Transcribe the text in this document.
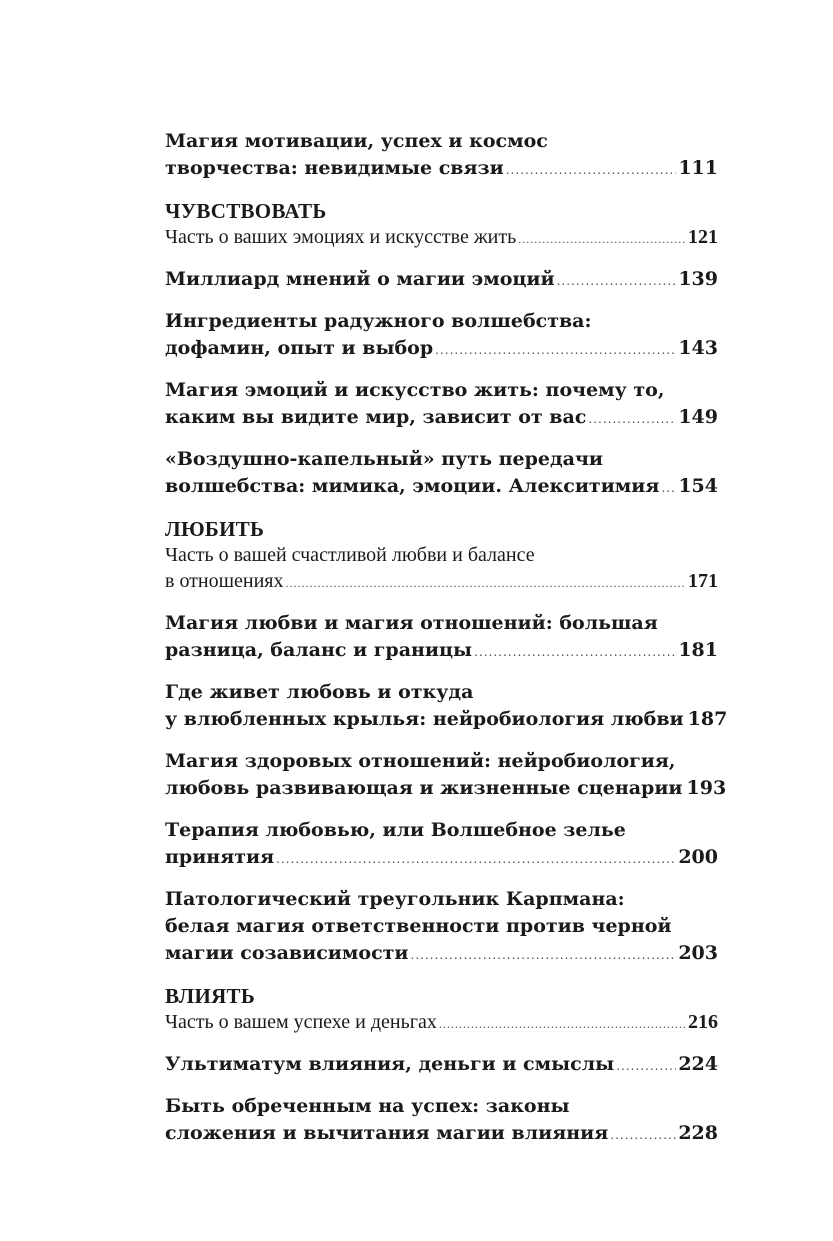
Магия мотивации, успех и космос
творчества: невидимые связи .....	111
ЧУВСТВОВАТЬ
Часть о ваших эмоциях и искусстве жить .....	121
Миллиард мнений о магии эмоций .....	139
Ингредиенты радужного волшебства:
дофамин, опыт и выбор .....	143
Магия эмоций и искусство жить: почему то,
каким вы видите мир, зависит от вас .....	149
«Воздушно-капельный» путь передачи
волшебства: мимика, эмоции. Алекситимия ..... 154
ЛЮБИТЬ
Часть о вашей счастливой любви и балансе
в отношениях .....	171
Магия любви и магия отношений: большая
разница, баланс и границы .....	181
Где живет любовь и откуда
у влюбленных крылья: нейробиология любви 187
Магия здоровых отношений: нейробиология,
любовь развивающая и жизненные сценарии 193
Терапия любовью, или Волшебное зелье
принятия .....	200
Патологический треугольник Карпмана:
белая магия ответственности против черной
магии созависимости .....	203
ВЛИЯТЬ
Часть о вашем успехе и деньгах .....	216
Ультиматум влияния, деньги и смыслы .....	224
Быть обреченным на успех: законы
сложения и вычитания магии влияния .....	228
